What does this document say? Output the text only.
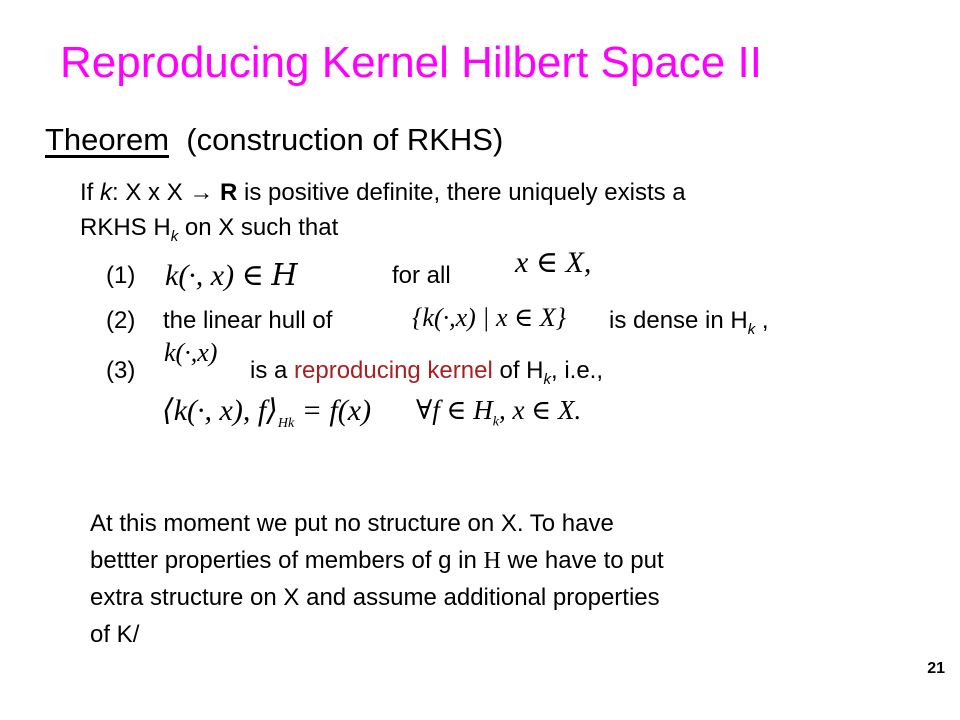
Reproducing Kernel Hilbert Space II
Theorem (construction of RKHS)
If k: X x X → R is positive definite, there uniquely exists a
RKHS $H_k$ on X such that
(1) k(·, x) ∈ H	for all x ∈ X,
(2) the linear hull of	{k(·,x) | x ∈ X} is dense in $H_k$ ,
(3)
k(·,x)
is a reproducing kernel of $H_k$, i.e.,
⟨k(·, x), $f⟩_{Hk} = f(x)$ ∀f ∈ $H_k$, x ∈ X.
At this moment we put no structure on X. To have
bettter properties of members of g in H we have to put
extra structure on X and assume additional properties
of K/
21
